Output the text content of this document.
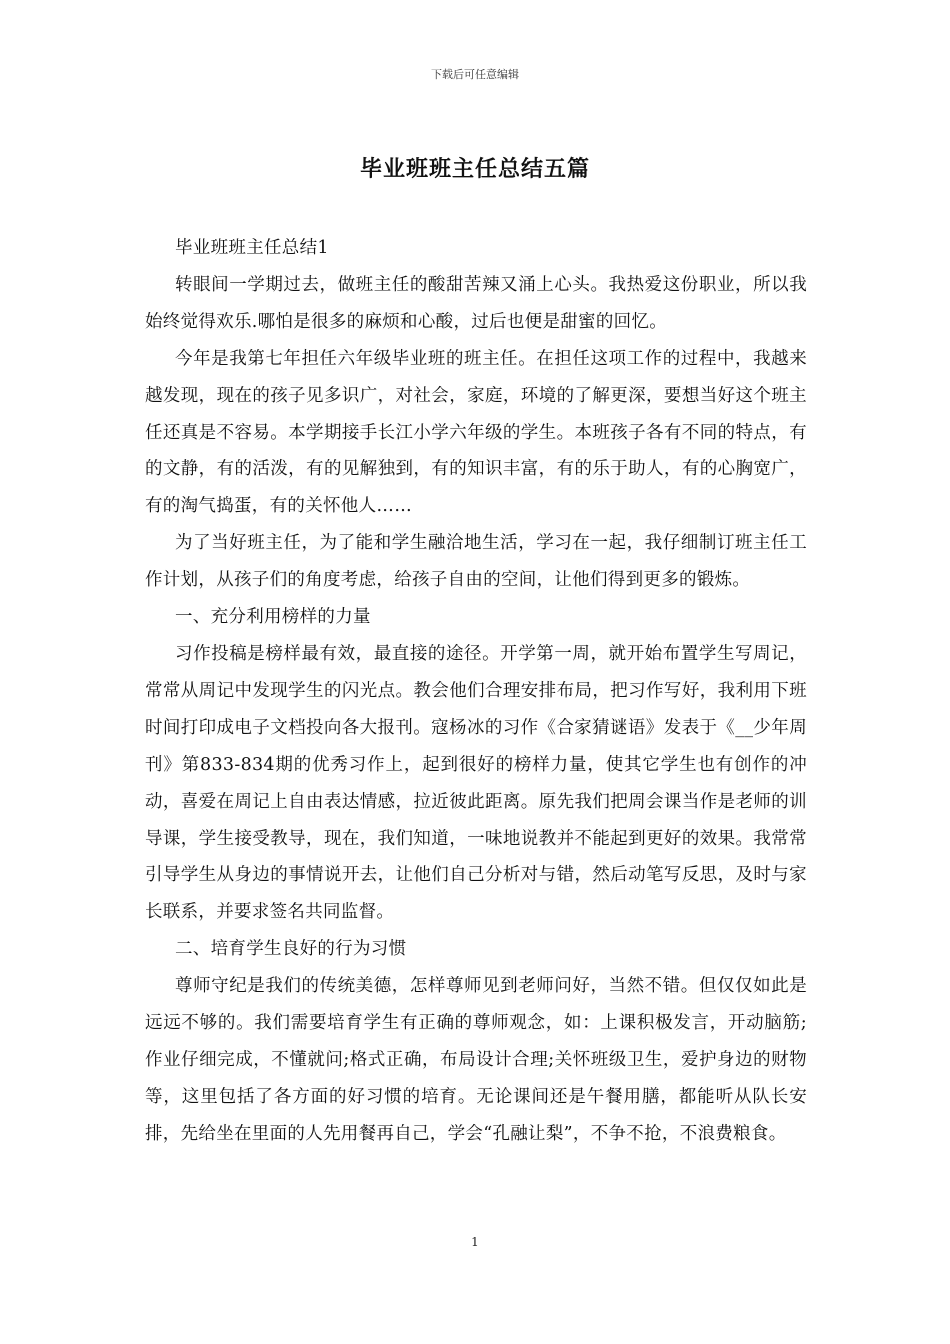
下载后可任意编辑
毕业班班主任总结五篇

毕业班班主任总结1

转眼间一学期过去，做班主任的酸甜苦辣又涌上心头。我热爱这份职业，所以我始终觉得欢乐.哪怕是很多的麻烦和心酸，过后也便是甜蜜的回忆。

今年是我第七年担任六年级毕业班的班主任。在担任这项工作的过程中，我越来越发现，现在的孩子见多识广，对社会，家庭，环境的了解更深，要想当好这个班主任还真是不容易。本学期接手长江小学六年级的学生。本班孩子各有不同的特点，有的文静，有的活泼，有的见解独到，有的知识丰富，有的乐于助人，有的心胸宽广，有的淘气捣蛋，有的关怀他人……

为了当好班主任，为了能和学生融洽地生活，学习在一起，我仔细制订班主任工作计划，从孩子们的角度考虑，给孩子自由的空间，让他们得到更多的锻炼。

一、充分利用榜样的力量

习作投稿是榜样最有效，最直接的途径。开学第一周，就开始布置学生写周记，常常从周记中发现学生的闪光点。教会他们合理安排布局，把习作写好，我利用下班时间打印成电子文档投向各大报刊。寇杨冰的习作《合家猜谜语》发表于《__少年周刊》第833-834期的优秀习作上，起到很好的榜样力量，使其它学生也有创作的冲动，喜爱在周记上自由表达情感，拉近彼此距离。原先我们把周会课当作是老师的训导课，学生接受教导，现在，我们知道，一味地说教并不能起到更好的效果。我常常引导学生从身边的事情说开去，让他们自己分析对与错，然后动笔写反思，及时与家长联系，并要求签名共同监督。

二、培育学生良好的行为习惯

尊师守纪是我们的传统美德，怎样尊师见到老师问好，当然不错。但仅仅如此是远远不够的。我们需要培育学生有正确的尊师观念，如：上课积极发言，开动脑筋;作业仔细完成，不懂就问;格式正确，布局设计合理;关怀班级卫生，爱护身边的财物等，这里包括了各方面的好习惯的培育。无论课间还是午餐用膳，都能听从队长安排，先给坐在里面的人先用餐再自己，学会“孔融让梨”，不争不抢，不浪费粮食。

1
